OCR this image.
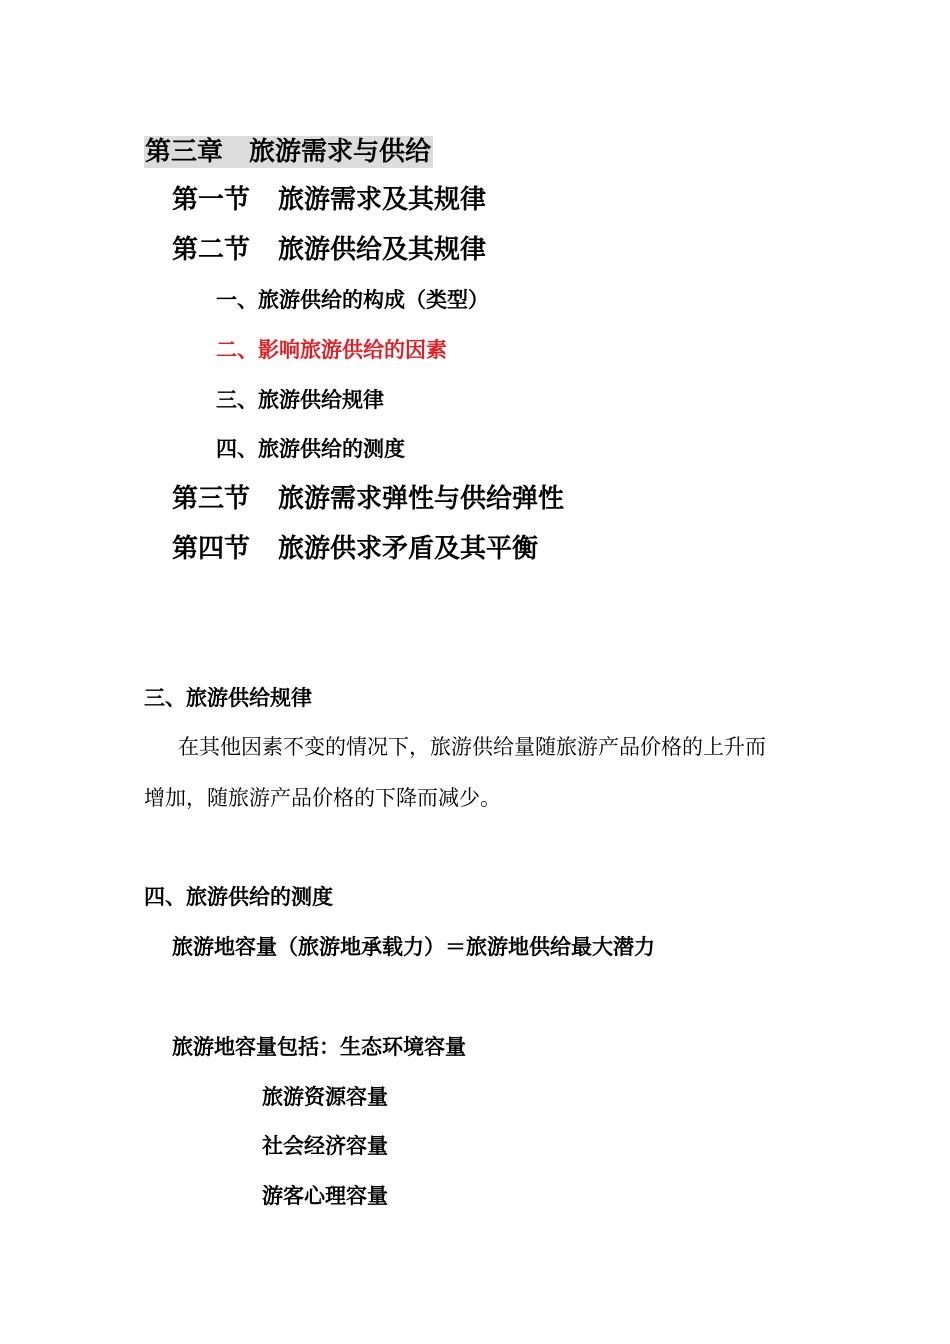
第三章　旅游需求与供给
第一节 旅游需求及其规律
第二节 旅游供给及其规律
一、旅游供给的构成（类型）
二、影响旅游供给的因素
三、旅游供给规律
四、旅游供给的测度
第三节 旅游需求弹性与供给弹性
第四节 旅游供求矛盾及其平衡
三、旅游供给规律
在其他因素不变的情况下，旅游供给量随旅游产品价格的上升而
增加，随旅游产品价格的下降而减少。
四、旅游供给的测度
旅游地容量（旅游地承载力）＝旅游地供给最大潜力
旅游地容量包括：生态环境容量
旅游资源容量
社会经济容量
游客心理容量
